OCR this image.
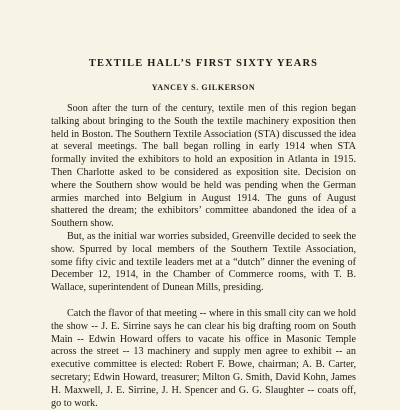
TEXTILE HALL’S FIRST SIXTY YEARS
YANCEY S. GILKERSON

Soon after the turn of the century, textile men of this region began talking about bringing to the South the textile machinery exposition then held in Boston. The Southern Textile Association (STA) discussed the idea at several meetings. The ball began rolling in early 1914 when STA formally invited the exhibitors to hold an exposition in Atlanta in 1915. Then Charlotte asked to be considered as exposition site. Decision on where the Southern show would be held was pending when the German armies marched into Belgium in August 1914. The guns of August shattered the dream; the exhibitors’ committee abandoned the idea of a Southern show.

But, as the initial war worries subsided, Greenville decided to seek the show. Spurred by local members of the Southern Textile Association, some fifty civic and textile leaders met at a “dutch” dinner the evening of December 12, 1914, in the Chamber of Commerce rooms, with T. B. Wallace, superintendent of Dunean Mills, presiding.

Catch the flavor of that meeting -- where in this small city can we hold the show -- J. E. Sirrine says he can clear his big drafting room on South Main -- Edwin Howard offers to vacate his office in Masonic Temple across the street -- 13 machinery and supply men agree to exhibit -- an executive committee is elected: Robert F. Bowe, chairman; A. B. Carter, secretary; Edwin Howard, treasurer; Milton G. Smith, David Kohn, James H. Maxwell, J. E. Sirrine, J. H. Spencer and G. G. Slaughter -- coats off, go to work.
